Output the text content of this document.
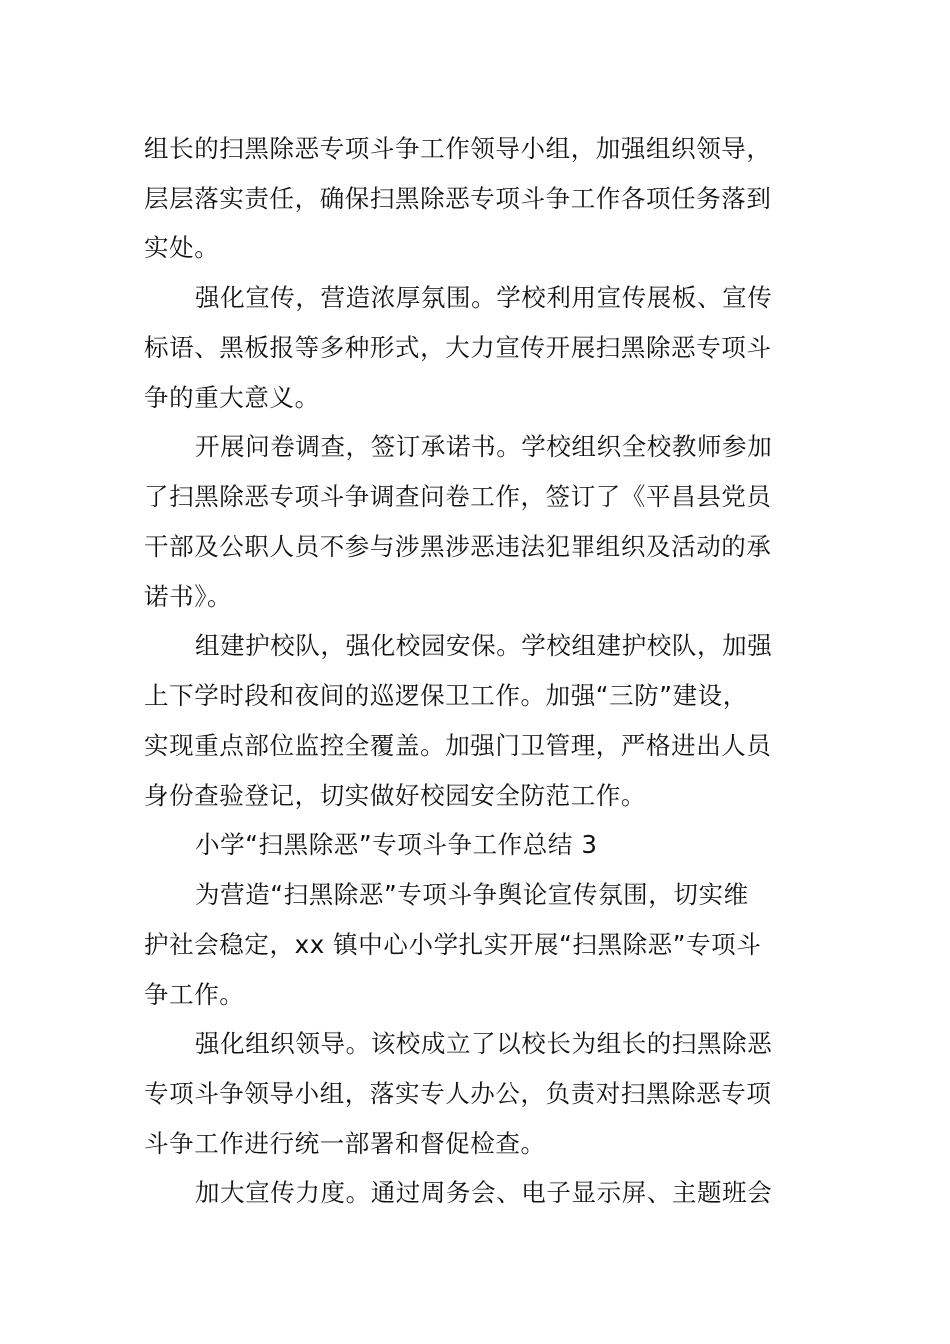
组长的扫黑除恶专项斗争工作领导小组，加强组织领导，
层层落实责任，确保扫黑除恶专项斗争工作各项任务落到
实处。
强化宣传，营造浓厚氛围。学校利用宣传展板、宣传
标语、黑板报等多种形式，大力宣传开展扫黑除恶专项斗
争的重大意义。
开展问卷调查，签订承诺书。学校组织全校教师参加
了扫黑除恶专项斗争调查问卷工作，签订了《平昌县党员
干部及公职人员不参与涉黑涉恶违法犯罪组织及活动的承
诺书》。
组建护校队，强化校园安保。学校组建护校队，加强
上下学时段和夜间的巡逻保卫工作。加强“三防”建设，
实现重点部位监控全覆盖。加强门卫管理，严格进出人员
身份查验登记，切实做好校园安全防范工作。
小学“扫黑除恶”专项斗争工作总结 3
为营造“扫黑除恶”专项斗争舆论宣传氛围，切实维
护社会稳定，xx 镇中心小学扎实开展“扫黑除恶”专项斗
争工作。
强化组织领导。该校成立了以校长为组长的扫黑除恶
专项斗争领导小组，落实专人办公，负责对扫黑除恶专项
斗争工作进行统一部署和督促检查。
加大宣传力度。通过周务会、电子显示屏、主题班会
